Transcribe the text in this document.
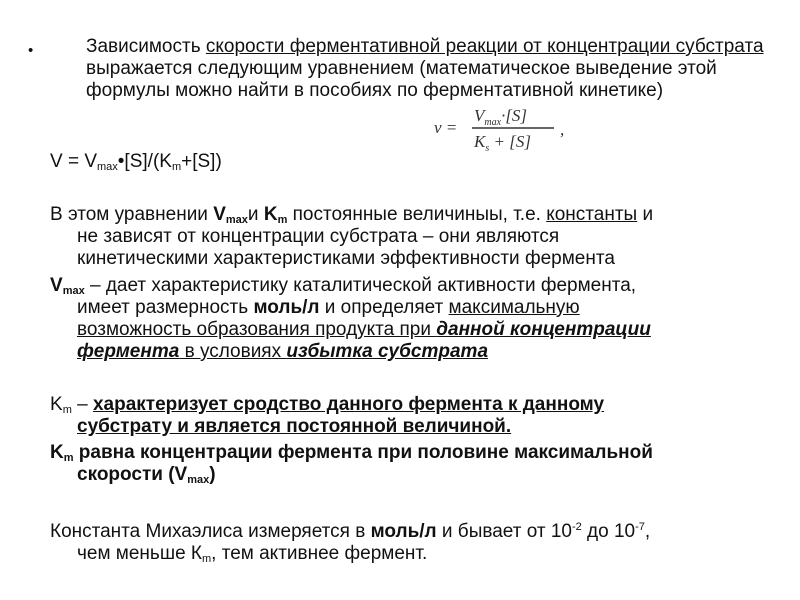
•	Зависимость скорости ферментативной реакции от концентрации субстрата выражается следующим уравнением (математическое выведение этой формулы можно найти в пособиях по ферментативной кинетике)
v =
$V_{max}\cdot[S]$
$K_s + [S]$
,
$V = V_{max}•[S]/(K_m+[S])$
В этом уравнении $V_{max}и$ $K_m$ постоянные величиныы, т.е. константы и
не зависят от концентрации субстрата – они являются
кинетическими характеристиками эффективности фермента
$V_{max}$ – дает характеристику каталитической активности фермента,
имеет размерность моль/л и определяет максимальную
возможность образования продукта при данной концентрации
фермента в условиях избытка субстрата
$K_m$ – характеризует сродство данного фермента к данному
субстрату и является постоянной величиной.
$K_m$ равна концентрации фермента при половине максимальной
скорости $(V_{max})$
Константа Михаэлиса измеряется в моль/л и бывает от $10^{-2}$ до $10^{-7}$,
чем меньше $К_m$, тем активнее фермент.
